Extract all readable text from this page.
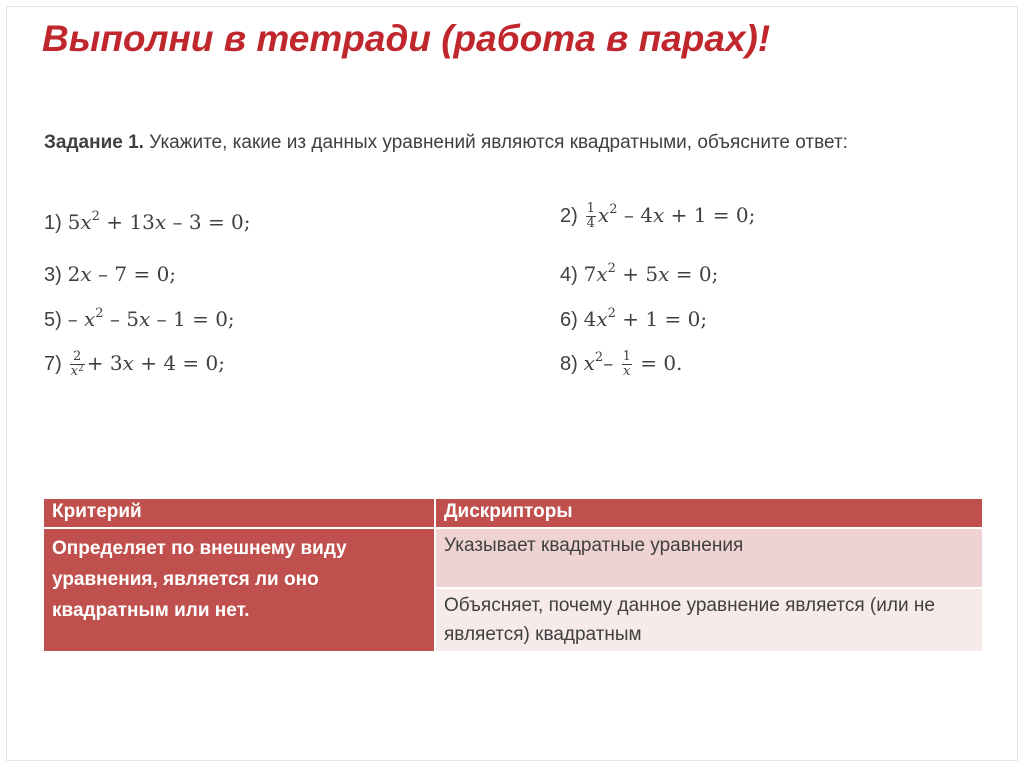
Выполни в тетради (работа в парах)!
Задание 1. Укажите, какие из данных уравнений являются квадратными, объясните ответ:
1) $5x^2 + 13x - 3 = 0$;	$2) \frac{1}{4} x^2 - 4x + 1 = 0$;
3) 2x – 7 = 0;	4) $7x^2 + 5x = 0$;
$5) - x^2 - 5x - 1 = 0$;	6) $4x^2 + 1 = 0$;
$7) \frac{2}{x^2} + 3x + 4 = 0$;	8) $x^2- \frac{1}{x} = 0$.
Критерий	Дискрипторы
Определяет по внешнему виду уравнения, является ли оно квадратным или нет.	Указывает квадратные уравнения
	Объясняет, почему данное уравнение является (или не является) квадратным
